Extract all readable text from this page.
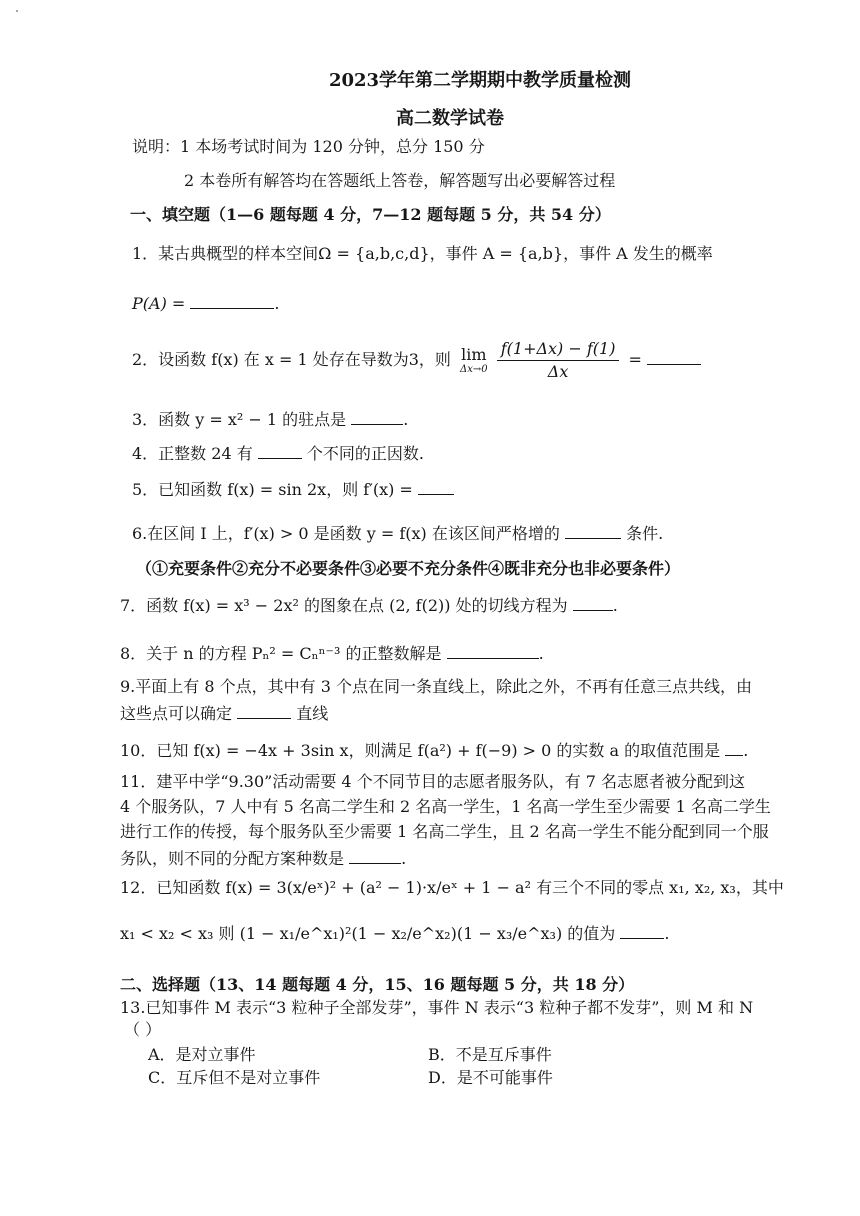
2023学年第二学期期中教学质量检测
高二数学试卷
说明：1 本场考试时间为 120 分钟，总分 150 分
2 本卷所有解答均在答题纸上答卷，解答题写出必要解答过程
一、填空题（1—6 题每题 4 分，7—12 题每题 5 分，共 54 分）
1．某古典概型的样本空间Ω = {a,b,c,d}，事件 A = {a,b}，事件 A 发生的概率
P(A) =	.
2．设函数 f(x) 在 x = 1 处存在导数为3，则 lim
Δx→0
$\frac{f(1+\Delta x) - f(1)}{\Delta x}$ =
3．函数 y = x² − 1 的驻点是	.
4．正整数 24 有	个不同的正因数.
5．已知函数 f(x) = sin 2x，则 f′(x) =
6.在区间 I 上，f′(x) > 0 是函数 y = f(x) 在该区间严格增的	条件.
（①充要条件②充分不必要条件③必要不充分条件④既非充分也非必要条件）
7．函数 f(x) = x³ − 2x² 的图象在点 (2, f(2)) 处的切线方程为	.
8．关于 n 的方程 Pₙ² = Cₙⁿ⁻³ 的正整数解是	.
9.平面上有 8 个点，其中有 3 个点在同一条直线上，除此之外，不再有任意三点共线，由
这些点可以确定	直线
10．已知 f(x) = −4x + 3sin x，则满足 f(a²) + f(−9) > 0 的实数 a 的取值范围是 .
11．建平中学“9.30”活动需要 4 个不同节目的志愿者服务队，有 7 名志愿者被分配到这
4 个服务队，7 人中有 5 名高二学生和 2 名高一学生，1 名高一学生至少需要 1 名高二学生
进行工作的传授，每个服务队至少需要 1 名高二学生，且 2 名高一学生不能分配到同一个服
务队，则不同的分配方案种数是	.
12．已知函数 f(x) = 3(x/eˣ)² + (a² − 1)·x/eˣ + 1 − a² 有三个不同的零点 x₁, x₂, x₃，其中
x₁ < x₂ < x₃ 则 (1 − x₁/e^x₁)²(1 − x₂/e^x₂)(1 − x₃/e^x₃) 的值为	.
二、选择题（13、14 题每题 4 分，15、16 题每题 5 分，共 18 分）
13.已知事件 M 表示“3 粒种子全部发芽”，事件 N 表示“3 粒种子都不发芽”，则 M 和 N
（ ）
A．是对立事件	B．不是互斥事件
C．互斥但不是对立事件	D．是不可能事件
